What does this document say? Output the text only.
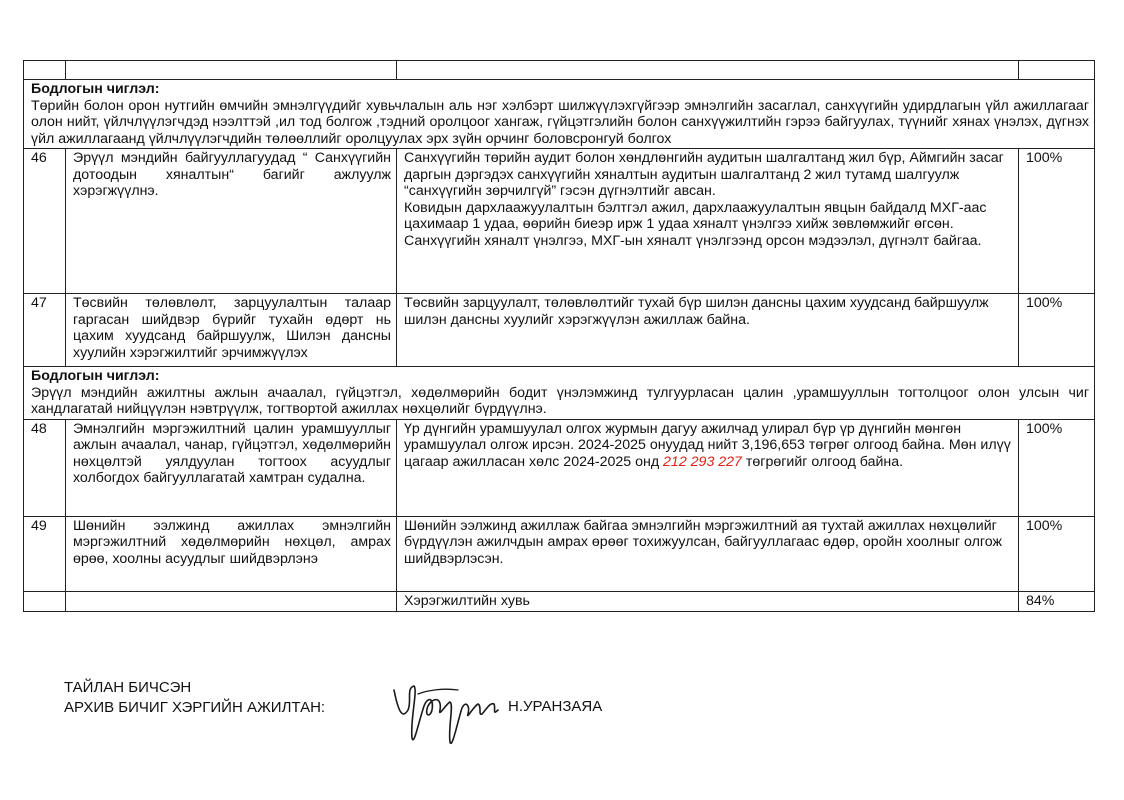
Бодлогын чиглэл:
Төрийн болон орон нутгийн өмчийн эмнэлгүүдийг хувьчлалын аль нэг хэлбэрт шилжүүлэхгүйгээр эмнэлгийн засаглал, санхүүгийн удирдлагын үйл ажиллагааг олон нийт, үйлчлүүлэгчдэд нээлттэй ,ил тод болгож ,тэдний оролцоог хангаж, гүйцэтгэлийн болон санхүүжилтийн гэрээ байгуулах, түүнийг хянах үнэлэх, дүгнэх үйл ажиллагаанд үйлчлүүлэгчдийн төлөөллийг оролцуулах эрх зүйн орчинг боловсронгуй болгох			

46	Эрүүл мэндийн байгууллагуудад “ Санхүүгийн дотоодын хяналтын“ багийг ажлуулж хэрэгжүүлнэ.	Санхүүгийн төрийн аудит болон хөндлөнгийн аудитын шалгалтанд жил бүр, Аймгийн засаг даргын дэргэдэх санхүүгийн хяналтын аудитын шалгалтанд 2 жил тутамд шалгуулж “санхүүгийн зөрчилгүй” гэсэн дүгнэлтийг авсан.
Ковидын дархлаажуулалтын бэлтгэл ажил, дархлаажуулалтын явцын байдалд МХГ-аас цахимаар 1 удаа, өөрийн биеэр ирж 1 удаа хяналт үнэлгээ хийж зөвлөмжийг өгсөн.
Санхүүгийн хяналт үнэлгээ, МХГ-ын хяналт үнэлгээнд орсон мэдээлэл, дүгнэлт байгаа.	100%
47	Төсвийн төлөвлөлт, зарцуулалтын талаар гаргасан шийдвэр бүрийг тухайн өдөрт нь цахим хуудсанд байршуулж, Шилэн дансны хуулийн хэрэгжилтийг эрчимжүүлэх	Төсвийн зарцуулалт, төлөвлөлтийг тухай бүр шилэн дансны цахим хуудсанд байршуулж шилэн дансны хуулийг хэрэгжүүлэн ажиллаж байна.	100%

Бодлогын чиглэл:
Эрүүл мэндийн ажилтны ажлын ачаалал, гүйцэтгэл, хөдөлмөрийн бодит үнэлэмжинд тулгуурласан цалин ,урамшууллын тогтолцоог олон улсын чиг хандлагатай нийцүүлэн нэвтрүүлж, тогтвортой ажиллах нөхцөлийг бүрдүүлнэ.			

48	Эмнэлгийн мэргэжилтний цалин урамшууллыг ажлын ачаалал, чанар, гүйцэтгэл, хөдөлмөрийн нөхцөлтэй уялдуулан тогтоох асуудлыг холбогдох байгууллагатай хамтран судална.	Үр дүнгийн урамшуулал олгох журмын дагуу ажилчад улирал бүр үр дүнгийн мөнгөн урамшуулал олгож ирсэн. 2024-2025 онуудад нийт 3,196,653 төгрөг олгоод байна. Мөн илүү цагаар ажилласан хөлс 2024-2025 онд 212 293 227 төгрөгийг олгоод байна.	100%
49	Шөнийн ээлжинд ажиллах эмнэлгийн мэргэжилтний хөдөлмөрийн нөхцөл, амрах өрөө, хоолны асуудлыг шийдвэрлэнэ	Шөнийн ээлжинд ажиллаж байгаа эмнэлгийн мэргэжилтний ая тухтай ажиллах нөхцөлийг бүрдүүлэн ажилчдын амрах өрөөг тохижуулсан, байгууллагаас өдөр, оройн хоолныг олгож шийдвэрлэсэн.	100%
		Хэрэгжилтийн хувь	84%
ТАЙЛАН БИЧСЭН
АРХИВ БИЧИГ ХЭРГИЙН АЖИЛТАН:	Н.УРАНЗАЯА
